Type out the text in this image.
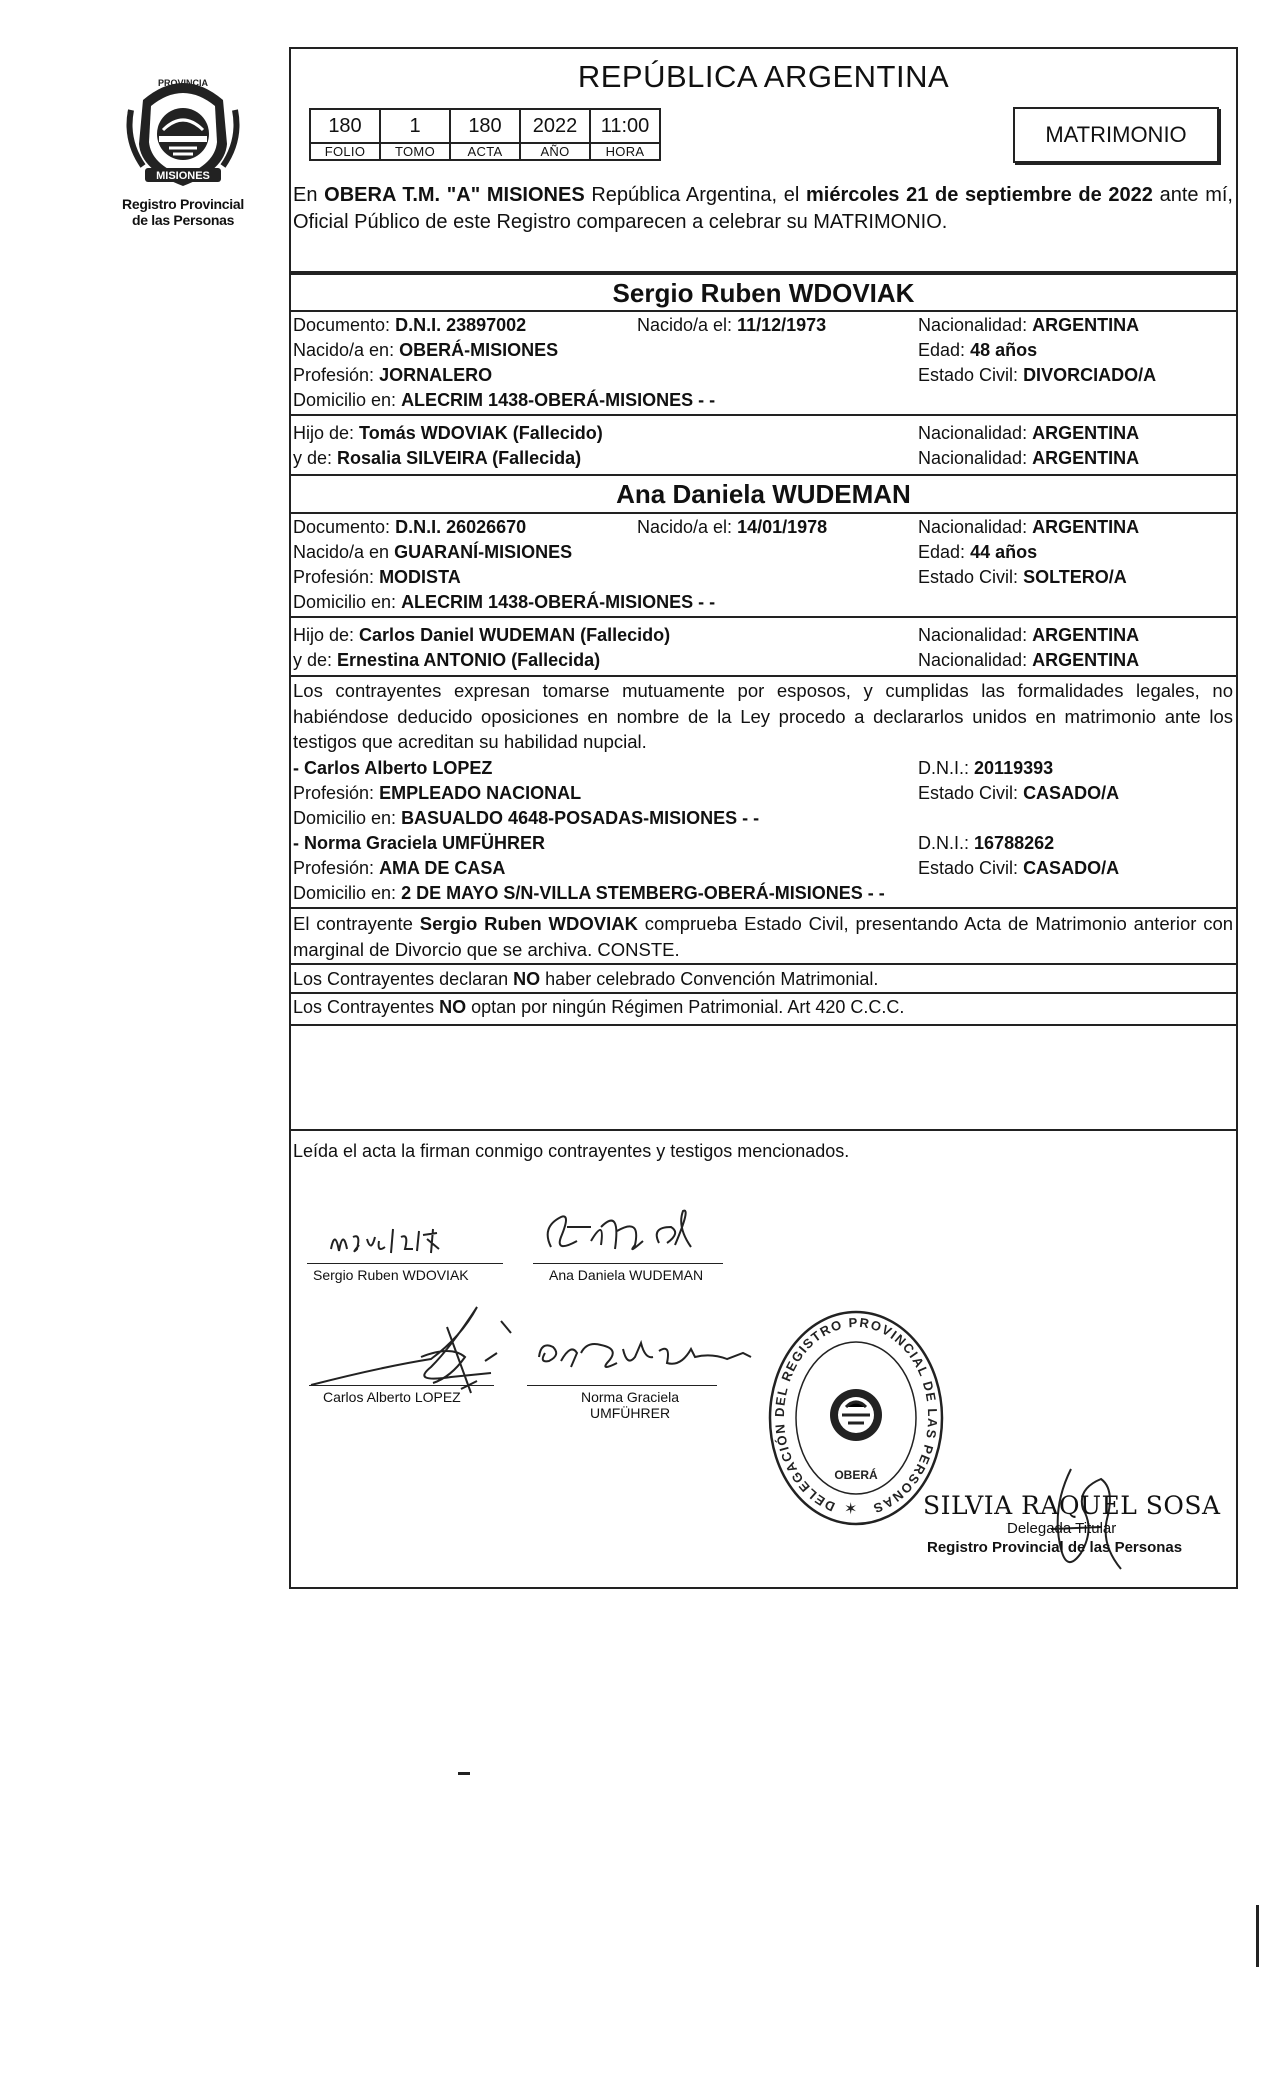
MISIONES
PROVINCIA
Registro Provincial
de las Personas
REPÚBLICA ARGENTINA
180	1	180	2022	11:00
FOLIO	TOMO	ACTA	AÑO	HORA
MATRIMONIO
En OBERA T.M. "A" MISIONES República Argentina, el miércoles 21 de septiembre de 2022 ante mí, Oficial Público de este Registro comparecen a celebrar su MATRIMONIO.
Sergio Ruben WDOVIAK
Documento: D.N.I. 23897002	Nacido/a el: 11/12/1973	Nacionalidad: ARGENTINA
Nacido/a en: OBERÁ-MISIONES	Edad: 48 años
Profesión: JORNALERO	Estado Civil: DIVORCIADO/A
Domicilio en: ALECRIM 1438-OBERÁ-MISIONES - -
Hijo de: Tomás WDOVIAK (Fallecido)	Nacionalidad: ARGENTINA
y de: Rosalia SILVEIRA (Fallecida)	Nacionalidad: ARGENTINA
Ana Daniela WUDEMAN
Documento: D.N.I. 26026670	Nacido/a el: 14/01/1978	Nacionalidad: ARGENTINA
Nacido/a en GUARANÍ-MISIONES	Edad: 44 años
Profesión: MODISTA	Estado Civil: SOLTERO/A
Domicilio en: ALECRIM 1438-OBERÁ-MISIONES - -
Hijo de: Carlos Daniel WUDEMAN (Fallecido)	Nacionalidad: ARGENTINA
y de: Ernestina ANTONIO (Fallecida)	Nacionalidad: ARGENTINA
Los contrayentes expresan tomarse mutuamente por esposos, y cumplidas las formalidades legales, no habiéndose deducido oposiciones en nombre de la Ley procedo a declararlos unidos en matrimonio ante los testigos que acreditan su habilidad nupcial.
- Carlos Alberto LOPEZ	D.N.I.: 20119393
Profesión: EMPLEADO NACIONAL	Estado Civil: CASADO/A
Domicilio en: BASUALDO 4648-POSADAS-MISIONES - -
- Norma Graciela UMFÜHRER	D.N.I.: 16788262
Profesión: AMA DE CASA	Estado Civil: CASADO/A
Domicilio en: 2 DE MAYO S/N-VILLA STEMBERG-OBERÁ-MISIONES - -
El contrayente Sergio Ruben WDOVIAK comprueba Estado Civil, presentando Acta de Matrimonio anterior con marginal de Divorcio que se archiva. CONSTE.
Los Contrayentes declaran NO haber celebrado Convención Matrimonial.
Los Contrayentes NO optan por ningún Régimen Patrimonial. Art 420 C.C.C.
Leída el acta la firman conmigo contrayentes y testigos mencionados.
Sergio Ruben WDOVIAK	Ana Daniela WUDEMAN
Carlos Alberto LOPEZ	Norma Graciela
UMFÜHRER
DELEGACIÓN DEL REGISTRO PROVINCIAL DE LAS PERSONAS
OBERÁ
✶	SILVIA RAQUEL SOSA
Delegada Titular
Registro Provincial de las Personas
